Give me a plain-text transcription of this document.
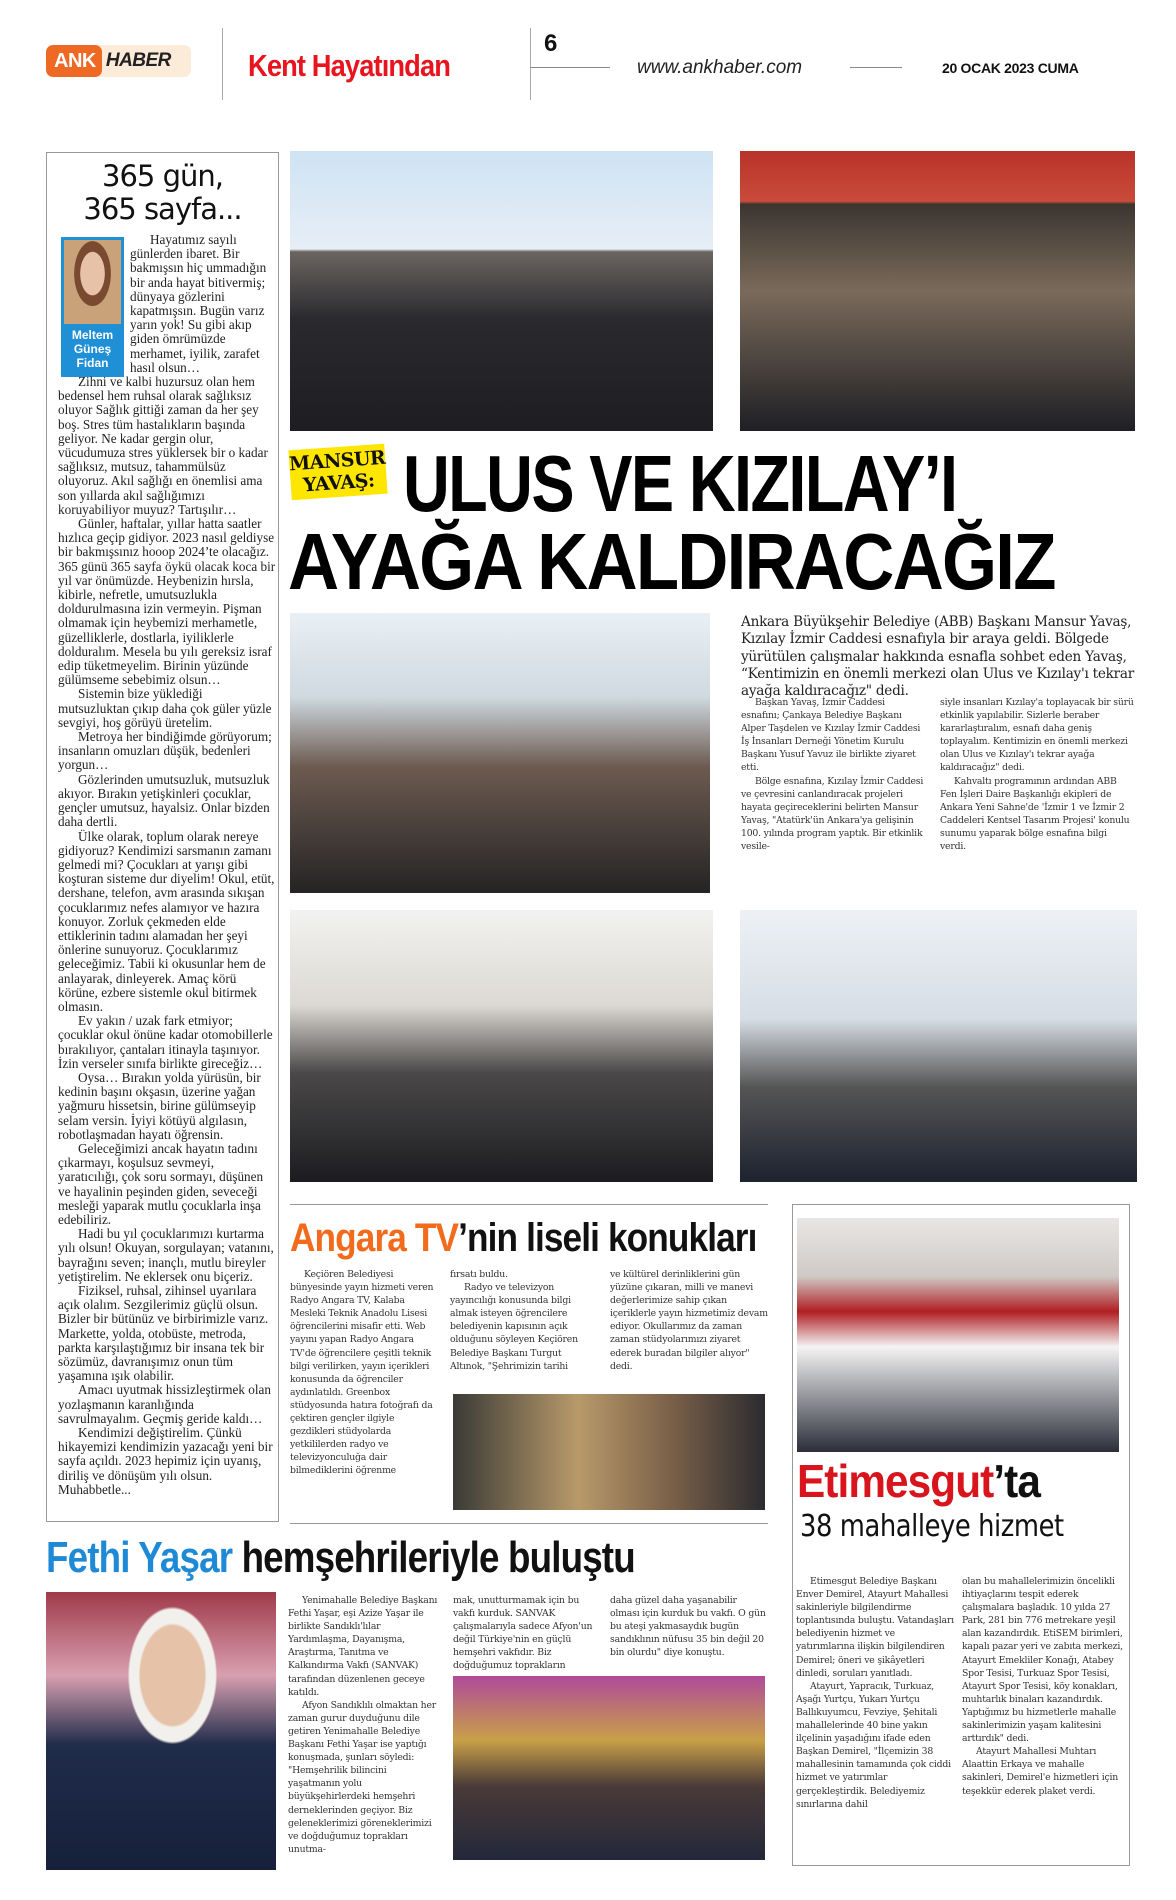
ANK HABER Kent Hayatından
6
www.ankhaber.com	20 OCAK 2023 CUMA
365 gün,
365 sayfa...
Meltem
Güneş
Fidan

Hayatımız sayılı günlerden ibaret. Bir bakmışsın hiç ummadığın bir anda hayat bitivermiş; dünyaya gözlerini kapatmışsın. Bugün varız yarın yok! Su gibi akıp giden ömrümüzde merhamet, iyilik, zarafet hasıl olsun…

Zihni ve kalbi huzursuz olan hem bedensel hem ruhsal olarak sağlıksız oluyor Sağlık gittiği zaman da her şey boş. Stres tüm hastalıkların başında geliyor. Ne kadar gergin olur, vücudumuza stres yüklersek bir o kadar sağlıksız, mutsuz, tahammülsüz oluyoruz. Akıl sağlığı en önemlisi ama son yıllarda akıl sağlığımızı koruyabiliyor muyuz? Tartışılır…

Günler, haftalar, yıllar hatta saatler hızlıca geçip gidiyor. 2023 nasıl geldiyse bir bakmışsınız hooop 2024’te olacağız. 365 günü 365 sayfa öykü olacak koca bir yıl var önümüzde. Heybenizin hırsla, kibirle, nefretle, umutsuzlukla doldurulmasına izin vermeyin. Pişman olmamak için heybemizi merhametle, güzelliklerle, dostlarla, iyiliklerle dolduralım. Mesela bu yılı gereksiz israf edip tüketmeyelim. Birinin yüzünde gülümseme sebebimiz olsun…

Sistemin bize yüklediği mutsuzluktan çıkıp daha çok güler yüzle sevgiyi, hoş görüyü üretelim.

Metroya her bindiğimde görüyorum; insanların omuzları düşük, bedenleri yorgun…

Gözlerinden umutsuzluk, mutsuzluk akıyor. Bırakın yetişkinleri çocuklar, gençler umutsuz, hayalsiz. Onlar bizden daha dertli.

Ülke olarak, toplum olarak nereye gidiyoruz? Kendimizi sarsmanın zamanı gelmedi mi? Çocukları at yarışı gibi koşturan sisteme dur diyelim! Okul, etüt, dershane, telefon, avm arasında sıkışan çocuklarımız nefes alamıyor ve hazıra konuyor. Zorluk çekmeden elde ettiklerinin tadını alamadan her şeyi önlerine sunuyoruz. Çocuklarımız geleceğimiz. Tabii ki okusunlar hem de anlayarak, dinleyerek. Amaç körü körüne, ezbere sistemle okul bitirmek olmasın.

Ev yakın / uzak fark etmiyor; çocuklar okul önüne kadar otomobillerle bırakılıyor, çantaları itinayla taşınıyor. İzin verseler sınıfa birlikte gireceğiz…

Oysa… Bırakın yolda yürüsün, bir kedinin başını okşasın, üzerine yağan yağmuru hissetsin, birine gülümseyip selam versin. İyiyi kötüyü algılasın, robotlaşmadan hayatı öğrensin.

Geleceğimizi ancak hayatın tadını çıkarmayı, koşulsuz sevmeyi, yaratıcılığı, çok soru sormayı, düşünen ve hayalinin peşinden giden, seveceği mesleği yaparak mutlu çocuklarla inşa edebiliriz.

Hadi bu yıl çocuklarımızı kurtarma yılı olsun! Okuyan, sorgulayan; vatanını, bayrağını seven; inançlı, mutlu bireyler yetiştirelim. Ne eklersek onu biçeriz.

Fiziksel, ruhsal, zihinsel uyarılara açık olalım. Sezgilerimiz güçlü olsun. Bizler bir bütünüz ve birbirimizle varız. Markette, yolda, otobüste, metroda, parkta karşılaştığımız bir insana tek bir sözümüz, davranışımız onun tüm yaşamına ışık olabilir.

Amacı uyutmak hissizleştirmek olan yozlaşmanın karanlığında savrulmayalım. Geçmiş geride kaldı…

Kendimizi değiştirelim. Çünkü hikayemizi kendimizin yazacağı yeni bir sayfa açıldı. 2023 hepimiz için uyanış, diriliş ve dönüşüm yılı olsun. Muhabbetle...

MANSUR
YAVAŞ: ULUS VE KIZILAY’I
AYAĞA KALDIRACAĞIZ
Ankara Büyükşehir Belediye (ABB) Başkanı Mansur Yavaş, Kızılay İzmir Caddesi esnafıyla bir araya geldi. Bölgede yürütülen çalışmalar hakkında esnafla sohbet eden Yavaş, “Kentimizin en önemli merkezi olan Ulus ve Kızılay'ı tekrar ayağa kaldıracağız" dedi.

Başkan Yavaş, İzmir Caddesi esnafını; Çankaya Belediye Başkanı Alper Taşdelen ve Kızılay İzmir Caddesi İş İnsanları Derneği Yönetim Kurulu Başkanı Yusuf Yavuz ile birlikte ziyaret etti.

Bölge esnafına, Kızılay İzmir Caddesi ve çevresini canlandıracak projeleri hayata geçireceklerini belirten Mansur Yavaş, "Atatürk'ün Ankara'ya gelişinin 100. yılında program yaptık. Bir etkinlik vesile-

siyle insanları Kızılay'a toplayacak bir sürü etkinlik yapılabilir. Sizlerle beraber kararlaştıralım, esnafı daha geniş toplayalım. Kentimizin en önemli merkezi olan Ulus ve Kızılay'ı tekrar ayağa kaldıracağız" dedi.

Kahvaltı programının ardından ABB Fen İşleri Daire Başkanlığı ekipleri de Ankara Yeni Sahne'de 'İzmir 1 ve İzmir 2 Caddeleri Kentsel Tasarım Projesi' konulu sunumu yaparak bölge esnafına bilgi verdi.

Angara TV’nin liseli konukları

Keçiören Belediyesi bünyesinde yayın hizmeti veren Radyo Angara TV, Kalaba Mesleki Teknik Anadolu Lisesi öğrencilerini misafir etti. Web yayını yapan Radyo Angara TV'de öğrencilere çeşitli teknik bilgi verilirken, yayın içerikleri konusunda da öğrenciler aydınlatıldı. Greenbox stüdyosunda hatıra fotoğrafı da çektiren gençler ilgiyle gezdikleri stüdyolarda yetkililerden radyo ve televizyonculuğa dair bilmediklerini öğrenme

fırsatı buldu.

Radyo ve televizyon yayıncılığı konusunda bilgi almak isteyen öğrencilere belediyenin kapısının açık olduğunu söyleyen Keçiören Belediye Başkanı Turgut Altınok, "Şehrimizin tarihi

ve kültürel derinliklerini gün yüzüne çıkaran, milli ve manevi değerlerimize sahip çıkan içeriklerle yayın hizmetimiz devam ediyor. Okullarımız da zaman zaman stüdyolarımızı ziyaret ederek buradan bilgiler alıyor" dedi.

Etimesgut’ta
38 mahalleye hizmet

Etimesgut Belediye Başkanı Enver Demirel, Atayurt Mahallesi sakinleriyle bilgilendirme toplantısında buluştu. Vatandaşları belediyenin hizmet ve yatırımlarına ilişkin bilgilendiren Demirel; öneri ve şikâyetleri dinledi, soruları yanıtladı.

Atayurt, Yapracık, Turkuaz, Aşağı Yurtçu, Yukarı Yurtçu Ballıkuyumcu, Fevziye, Şehitali mahallelerinde 40 bine yakın ilçelinin yaşadığını ifade eden Başkan Demirel, "İlçemizin 38 mahallesinin tamamında çok ciddi hizmet ve yatırımlar gerçekleştirdik. Belediyemiz sınırlarına dahil

olan bu mahallelerimizin öncelikli ihtiyaçlarını tespit ederek çalışmalara başladık. 10 yılda 27 Park, 281 bin 776 metrekare yeşil alan kazandırdık. EtiSEM birimleri, kapalı pazar yeri ve zabıta merkezi, Atayurt Emekliler Konağı, Atabey Spor Tesisi, Turkuaz Spor Tesisi, Atayurt Spor Tesisi, köy konakları, muhtarlık binaları kazandırdık. Yaptığımız bu hizmetlerle mahalle sakinlerimizin yaşam kalitesini arttırdık" dedi.

Atayurt Mahallesi Muhtarı Alaattin Erkaya ve mahalle sakinleri, Demirel'e hizmetleri için teşekkür ederek plaket verdi.

Fethi Yaşar hemşehrileriyle buluştu

Yenimahalle Belediye Başkanı Fethi Yaşar, eşi Azize Yaşar ile birlikte Sandıklı'lılar Yardımlaşma, Dayanışma, Araştırma, Tanıtma ve Kalkındırma Vakfı (SANVAK) tarafından düzenlenen geceye katıldı.

Afyon Sandıklılı olmaktan her zaman gurur duyduğunu dile getiren Yenimahalle Belediye Başkanı Fethi Yaşar ise yaptığı konuşmada, şunları söyledi: "Hemşehrilik bilincini yaşatmanın yolu büyükşehirlerdeki hemşehri derneklerinden geçiyor. Biz geleneklerimizi göreneklerimizi ve doğduğumuz toprakları unutma-

mak, unutturmamak için bu vakfı kurduk. SANVAK çalışmalarıyla sadece Afyon'un değil Türkiye'nin en güçlü hemşehri vakfıdır. Biz doğduğumuz toprakların

daha güzel daha yaşanabilir olması için kurduk bu vakfı. O gün bu ateşi yakmasaydık bugün sandıklının nüfusu 35 bin değil 20 bin olurdu" diye konuştu.
